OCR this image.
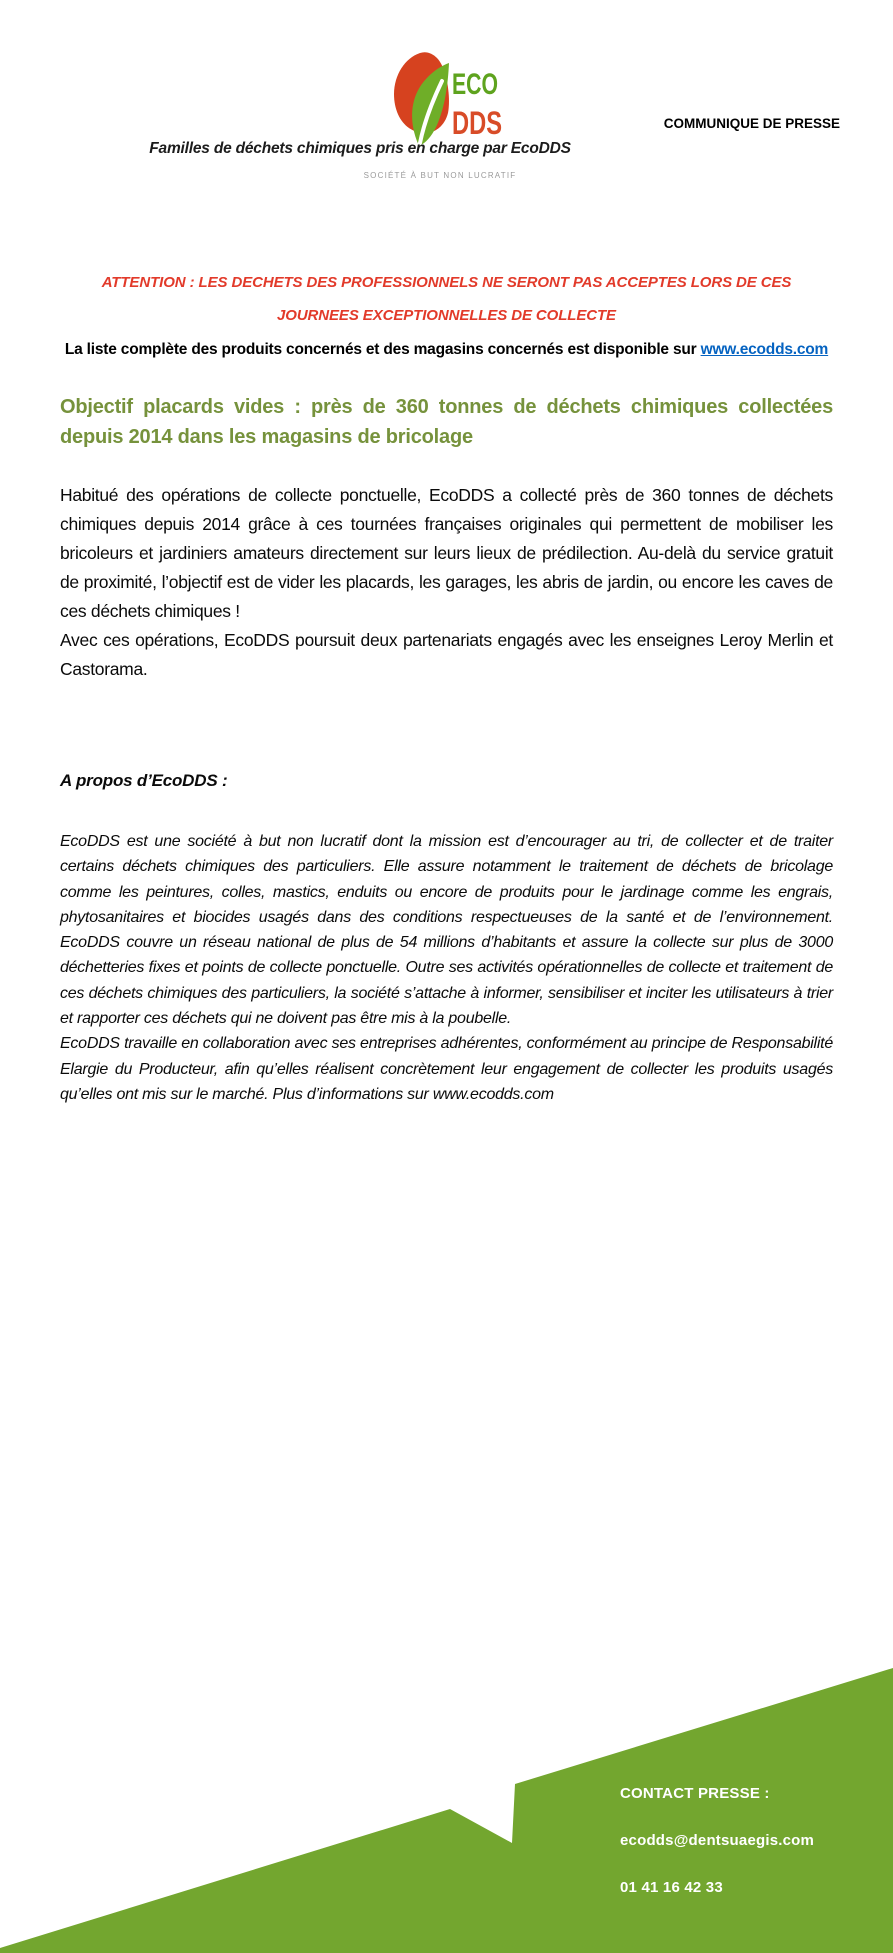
ECO
DDS	COMMUNIQUE DE PRESSE
Familles de déchets chimiques pris en charge par EcoDDS
SOCIÉTÉ À BUT NON LUCRATIF
ATTENTION : LES DECHETS DES PROFESSIONNELS NE SERONT PAS ACCEPTES LORS DE CES JOURNEES EXCEPTIONNELLES DE COLLECTE
La liste complète des produits concernés et des magasins concernés est disponible sur www.ecodds.com
Objectif placards vides : près de 360 tonnes de déchets chimiques collectées depuis 2014 dans les magasins de bricolage

Habitué des opérations de collecte ponctuelle, EcoDDS a collecté près de 360 tonnes de déchets chimiques depuis 2014 grâce à ces tournées françaises originales qui permettent de mobiliser les bricoleurs et jardiniers amateurs directement sur leurs lieux de prédilection. Au-delà du service gratuit de proximité, l’objectif est de vider les placards, les garages, les abris de jardin, ou encore les caves de ces déchets chimiques !

Avec ces opérations, EcoDDS poursuit deux partenariats engagés avec les enseignes Leroy Merlin et Castorama.

A propos d’EcoDDS :

EcoDDS est une société à but non lucratif dont la mission est d’encourager au tri, de collecter et de traiter certains déchets chimiques des particuliers. Elle assure notamment le traitement de déchets de bricolage comme les peintures, colles, mastics, enduits ou encore de produits pour le jardinage comme les engrais, phytosanitaires et biocides usagés dans des conditions respectueuses de la santé et de l’environnement. EcoDDS couvre un réseau national de plus de 54 millions d’habitants et assure la collecte sur plus de 3000 déchetteries fixes et points de collecte ponctuelle. Outre ses activités opérationnelles de collecte et traitement de ces déchets chimiques des particuliers, la société s’attache à informer, sensibiliser et inciter les utilisateurs à trier et rapporter ces déchets qui ne doivent pas être mis à la poubelle.

EcoDDS travaille en collaboration avec ses entreprises adhérentes, conformément au principe de Responsabilité Elargie du Producteur, afin qu’elles réalisent concrètement leur engagement de collecter les produits usagés qu’elles ont mis sur le marché. Plus d’informations sur www.ecodds.com

CONTACT PRESSE :
ecodds@dentsuaegis.com
01 41 16 42 33
